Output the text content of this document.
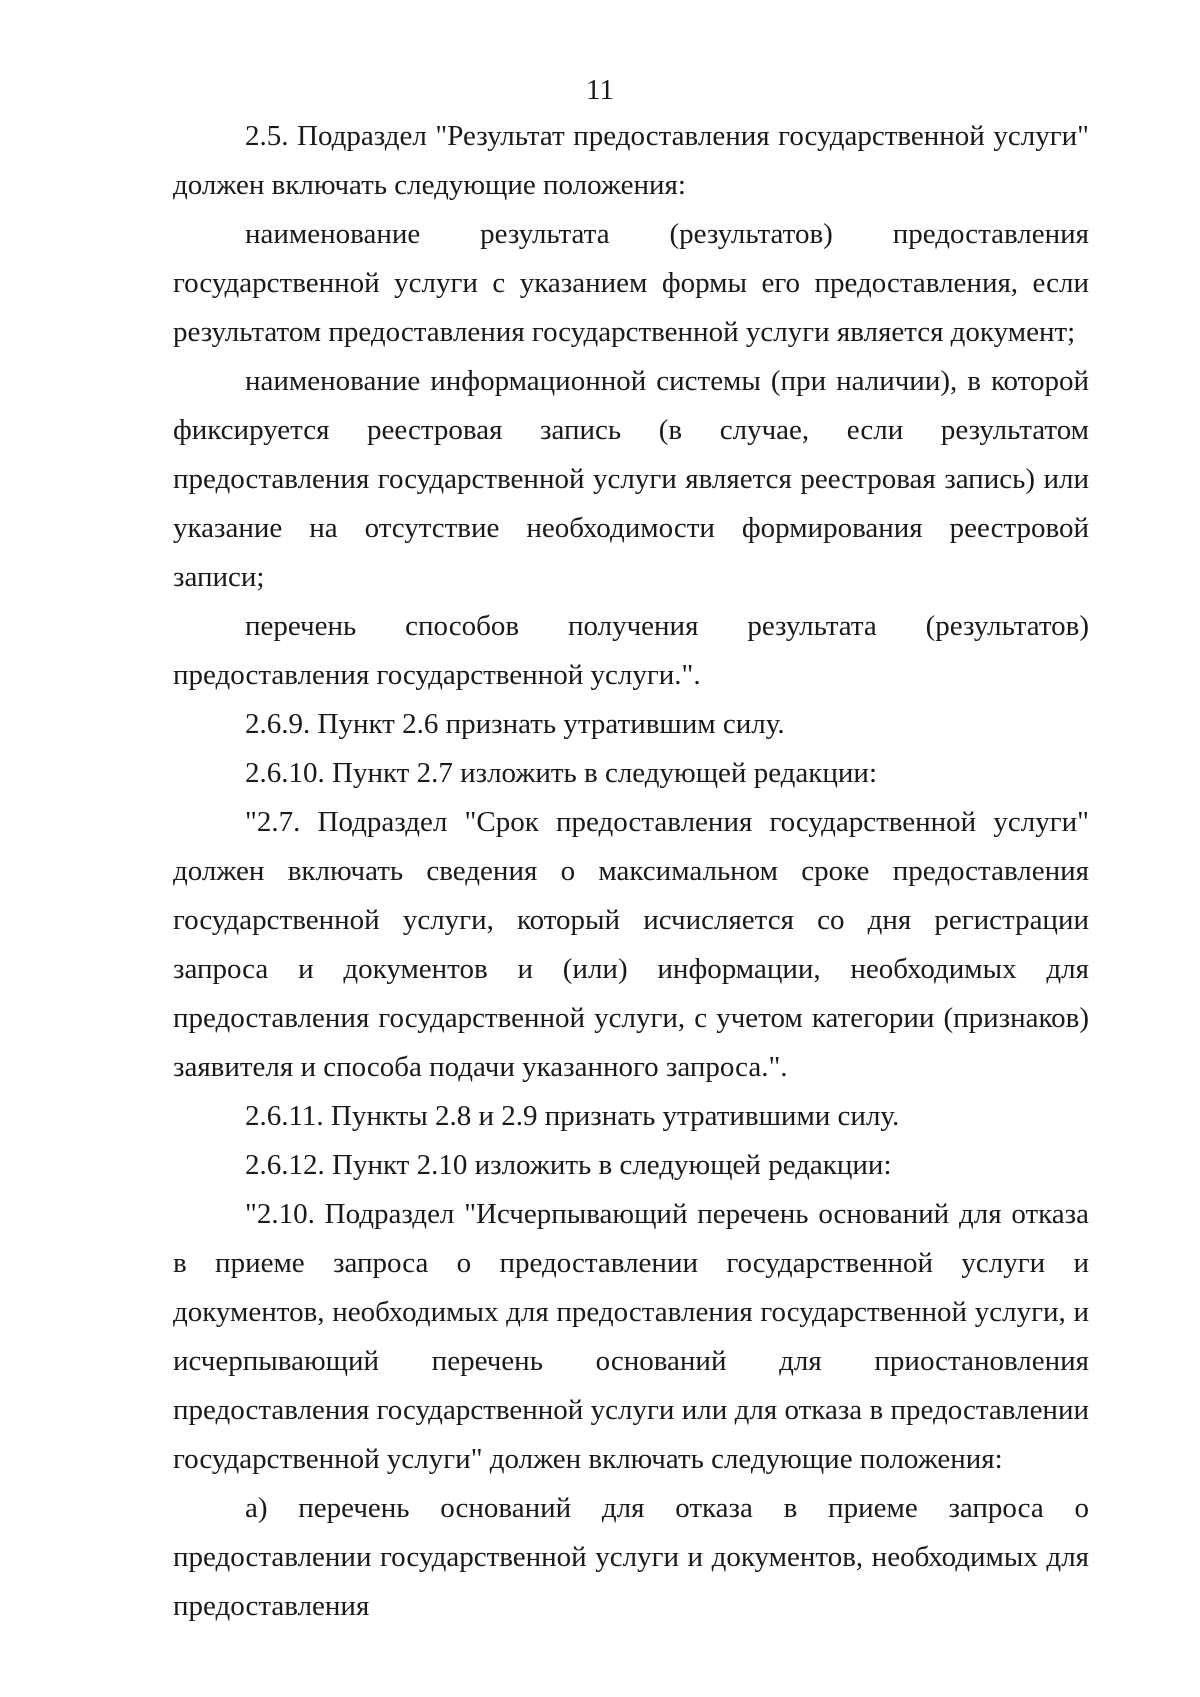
11

2.5. Подраздел "Результат предоставления государственной услуги" должен включать следующие положения:

наименование результата (результатов) предоставления государственной услуги с указанием формы его предоставления, если результатом предоставления государственной услуги является документ;

наименование информационной системы (при наличии), в которой фиксируется реестровая запись (в случае, если результатом предоставления государственной услуги является реестровая запись) или указание на отсутствие необходимости формирования реестровой записи;

перечень способов получения результата (результатов) предоставления государственной услуги.".

2.6.9. Пункт 2.6 признать утратившим силу.

2.6.10. Пункт 2.7 изложить в следующей редакции:

"2.7. Подраздел "Срок предоставления государственной услуги" должен включать сведения о максимальном сроке предоставления государственной услуги, который исчисляется со дня регистрации запроса и документов и (или) информации, необходимых для предоставления государственной услуги, с учетом категории (признаков) заявителя и способа подачи указанного запроса.".

2.6.11. Пункты 2.8 и 2.9 признать утратившими силу.

2.6.12. Пункт 2.10 изложить в следующей редакции:

"2.10. Подраздел "Исчерпывающий перечень оснований для отказа в приеме запроса о предоставлении государственной услуги и документов, необходимых для предоставления государственной услуги, и исчерпывающий перечень оснований для приостановления предоставления государственной услуги или для отказа в предоставлении государственной услуги" должен включать следующие положения:

а) перечень оснований для отказа в приеме запроса о предоставлении государственной услуги и документов, необходимых для предоставления
